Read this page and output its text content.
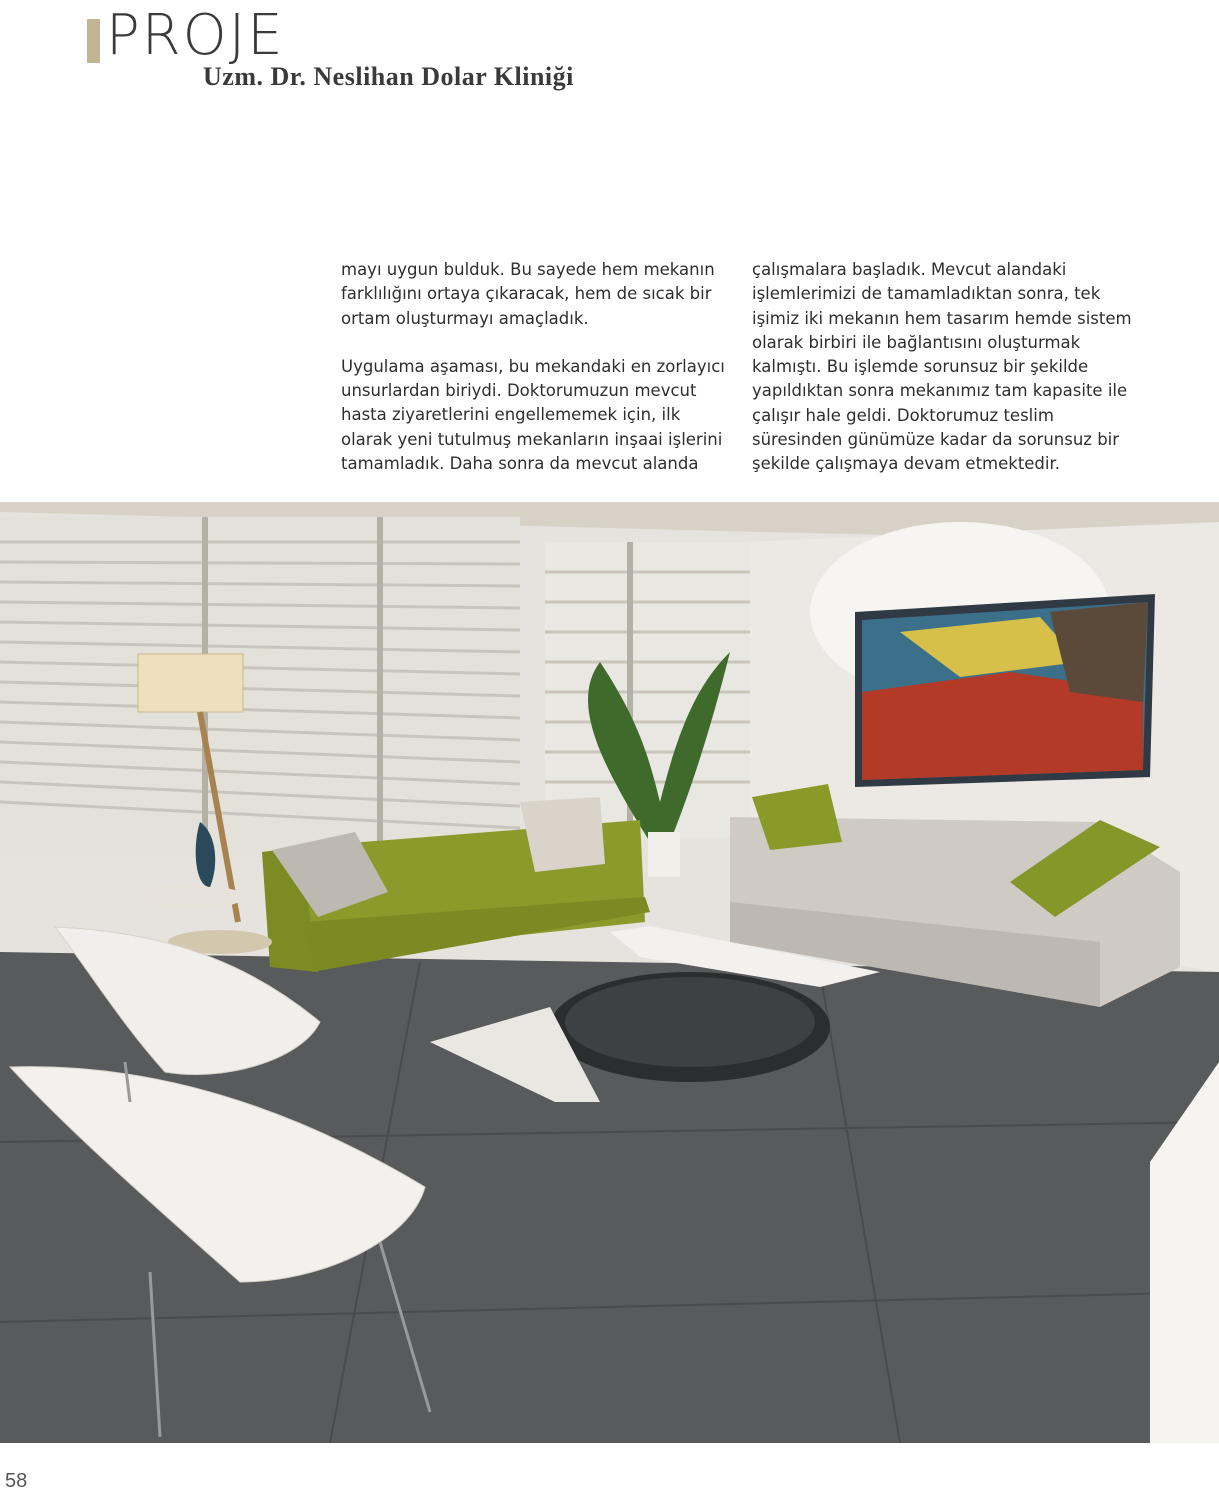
PROJE
Uzm. Dr. Neslihan Dolar Kliniği

mayı uygun bulduk. Bu sayede hem mekanın farklılığını ortaya çıkaracak, hem de sıcak bir ortam oluşturmayı amaçladık.

Uygulama aşaması, bu mekandaki en zorlayıcı unsurlardan biriydi. Doktorumuzun mevcut hasta ziyaretlerini engellememek için, ilk olarak yeni tutulmuş mekanların inşaai işlerini tamamladık. Daha sonra da mevcut alanda

çalışmalara başladık. Mevcut alandaki işlemlerimizi de tamamladıktan sonra, tek işimiz iki mekanın hem tasarım hemde sistem olarak birbiri ile bağlantısını oluşturmak kalmıştı. Bu işlemde sorunsuz bir şekilde yapıldıktan sonra mekanımız tam kapasite ile çalışır hale geldi. Doktorumuz teslim süresinden günümüze kadar da sorunsuz bir şekilde çalışmaya devam etmektedir.

58
